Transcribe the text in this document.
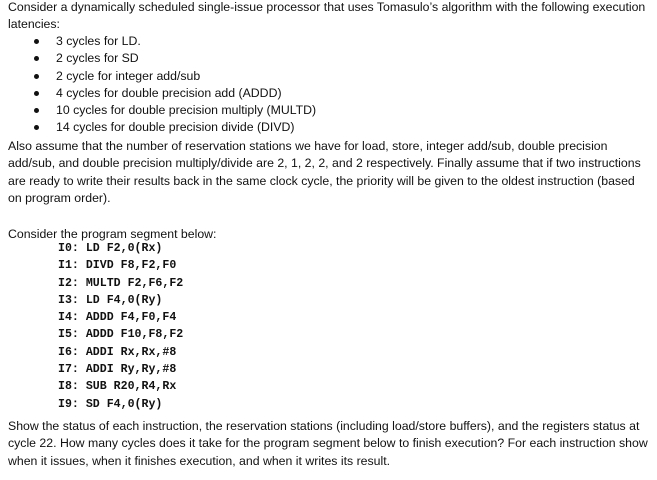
Consider a dynamically scheduled single-issue processor that uses Tomasulo’s algorithm with the following execution latencies:

3 cycles for LD.
2 cycles for SD
2 cycle for integer add/sub
4 cycles for double precision add (ADDD)
10 cycles for double precision multiply (MULTD)
14 cycles for double precision divide (DIVD)

Also assume that the number of reservation stations we have for load, store, integer add/sub, double precision add/sub, and double precision multiply/divide are 2, 1, 2, 2, and 2 respectively. Finally assume that if two instructions are ready to write their results back in the same clock cycle, the priority will be given to the oldest instruction (based on program order).

Consider the program segment below:

I0: LD F2,0(Rx)
I1: DIVD F8,F2,F0
I2: MULTD F2,F6,F2
I3: LD F4,0(Ry)
I4: ADDD F4,F0,F4
I5: ADDD F10,F8,F2
I6: ADDI Rx,Rx,#8
I7: ADDI Ry,Ry,#8
I8: SUB R20,R4,Rx
I9: SD F4,0(Ry)

Show the status of each instruction, the reservation stations (including load/store buffers), and the registers status at cycle 22. How many cycles does it take for the program segment below to finish execution? For each instruction show when it issues, when it finishes execution, and when it writes its result.
